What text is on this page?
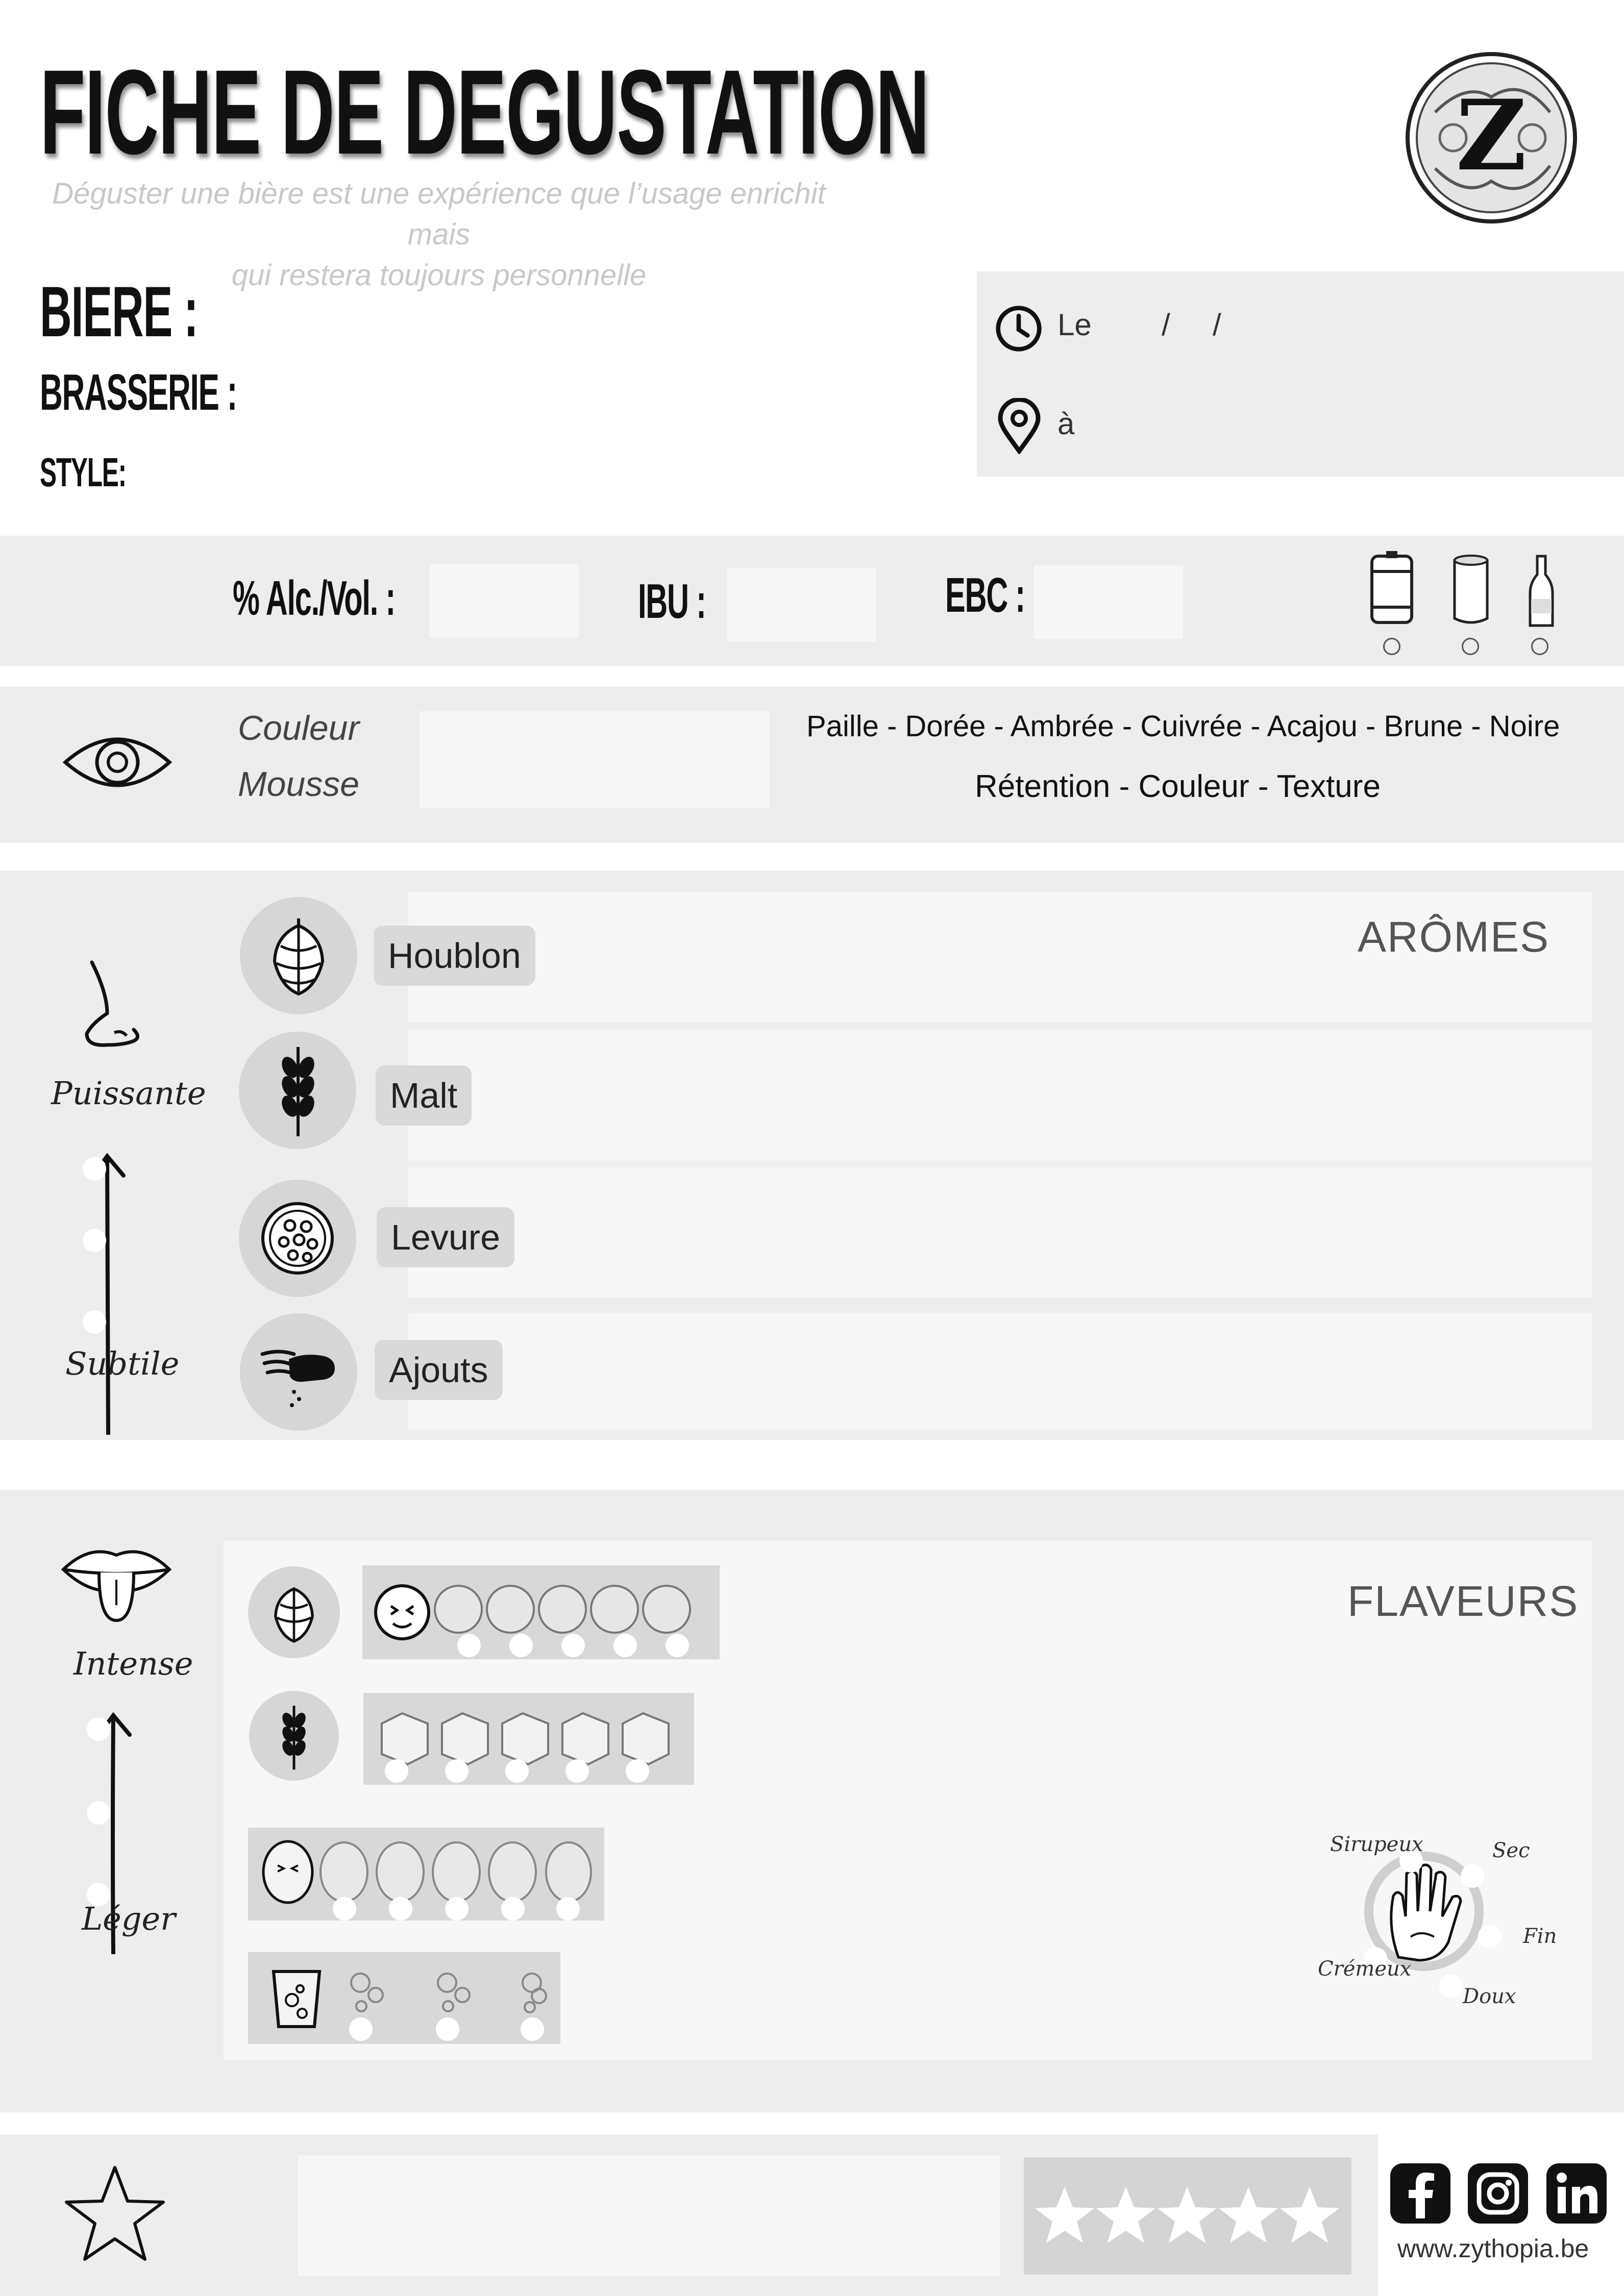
FICHE DE DEGUSTATION
Déguster une bière est une expérience que l’usage enrichit mais
qui restera toujours personnelle
Z
BIERE :
BRASSERIE :
STYLE:
Le / /
à
% Alc./Vol. :	IBU :	EBC :
Couleur
Mousse
Paille - Dorée - Ambrée - Cuivrée - Acajou - Brune - Noire
Rétention - Couleur - Texture
Puissante
Subtile
ARÔMES
Houblon
Malt
Levure
Ajouts
Intense
Léger
FLAVEURS
Sirupeux	Sec
Fin
Doux
Crémeux
www.zythopia.be
